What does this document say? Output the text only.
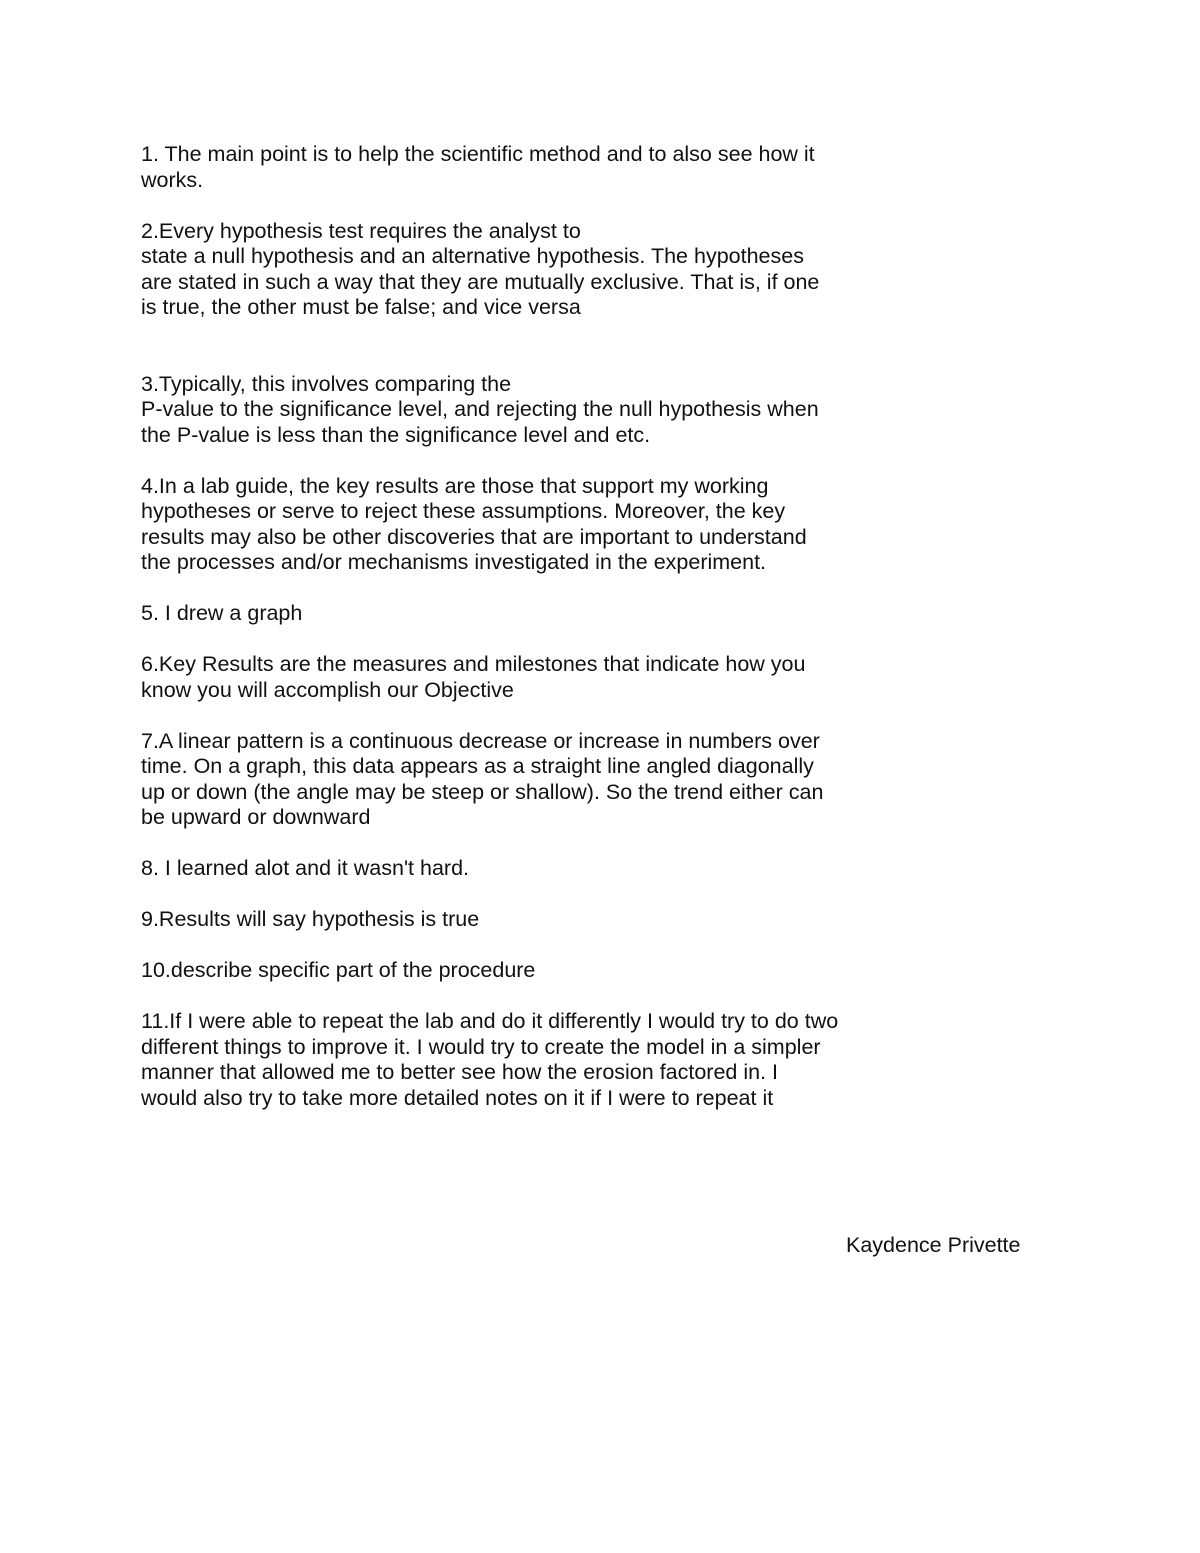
1. The main point is to help the scientific method and to also see how it
works.

2.Every hypothesis test requires the analyst to
state a null hypothesis and an alternative hypothesis. The hypotheses
are stated in such a way that they are mutually exclusive. That is, if one
is true, the other must be false; and vice versa

3.Typically, this involves comparing the
P-value to the significance level, and rejecting the null hypothesis when
the P-value is less than the significance level and etc.

4.In a lab guide, the key results are those that support my working
hypotheses or serve to reject these assumptions. Moreover, the key
results may also be other discoveries that are important to understand
the processes and/or mechanisms investigated in the experiment.

5. I drew a graph

6.Key Results are the measures and milestones that indicate how you
know you will accomplish our Objective

7.A linear pattern is a continuous decrease or increase in numbers over
time. On a graph, this data appears as a straight line angled diagonally
up or down (the angle may be steep or shallow). So the trend either can
be upward or downward

8. I learned alot and it wasn't hard.

9.Results will say hypothesis is true

10.describe specific part of the procedure

11.If I were able to repeat the lab and do it differently I would try to do two
different things to improve it. I would try to create the model in a simpler
manner that allowed me to better see how the erosion factored in. I
would also try to take more detailed notes on it if I were to repeat it

Kaydence Privette
